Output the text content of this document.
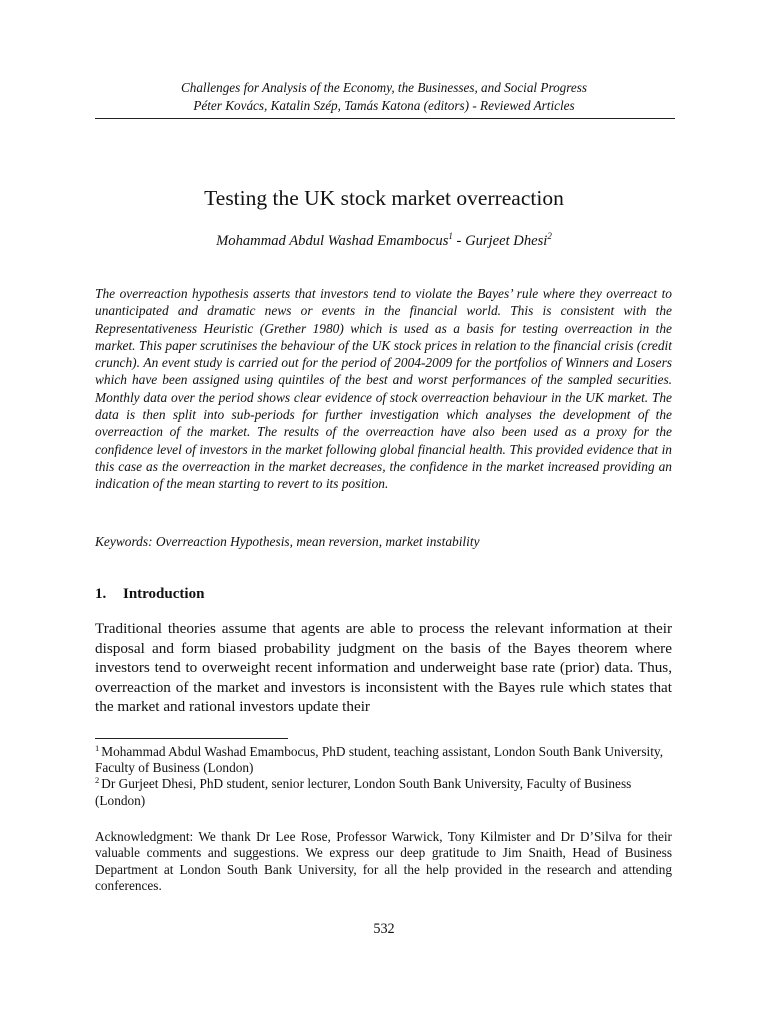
Challenges for Analysis of the Economy, the Businesses, and Social Progress
Péter Kovács, Katalin Szép, Tamás Katona (editors) - Reviewed Articles
Testing the UK stock market overreaction
Mohammad Abdul Washad Emambocus$^1$ - Gurjeet Dhesi$^2$

The overreaction hypothesis asserts that investors tend to violate the Bayes’ rule where they overreact to unanticipated and dramatic news or events in the financial world. This is consistent with the Representativeness Heuristic (Grether 1980) which is used as a basis for testing overreaction in the market. This paper scrutinises the behaviour of the UK stock prices in relation to the financial crisis (credit crunch). An event study is carried out for the period of 2004-2009 for the portfolios of Winners and Losers which have been assigned using quintiles of the best and worst performances of the sampled securities. Monthly data over the period shows clear evidence of stock overreaction behaviour in the UK market. The data is then split into sub-periods for further investigation which analyses the development of the overreaction of the market. The results of the overreaction have also been used as a proxy for the confidence level of investors in the market following global financial health. This provided evidence that in this case as the overreaction in the market decreases, the confidence in the market increased providing an indication of the mean starting to revert to its position.

Keywords: Overreaction Hypothesis, mean reversion, market instability

1. Introduction

Traditional theories assume that agents are able to process the relevant information at their disposal and form biased probability judgment on the basis of the Bayes theorem where investors tend to overweight recent information and underweight base rate (prior) data. Thus, overreaction of the market and investors is inconsistent with the Bayes rule which states that the market and rational investors update their

$^1$ Mohammad Abdul Washad Emambocus, PhD student, teaching assistant, London South Bank University, Faculty of Business (London)

$^2$ Dr Gurjeet Dhesi, PhD student, senior lecturer, London South Bank University, Faculty of Business (London)

Acknowledgment: We thank Dr Lee Rose, Professor Warwick, Tony Kilmister and Dr D’Silva for their valuable comments and suggestions. We express our deep gratitude to Jim Snaith, Head of Business Department at London South Bank University, for all the help provided in the research and attending conferences.

532
